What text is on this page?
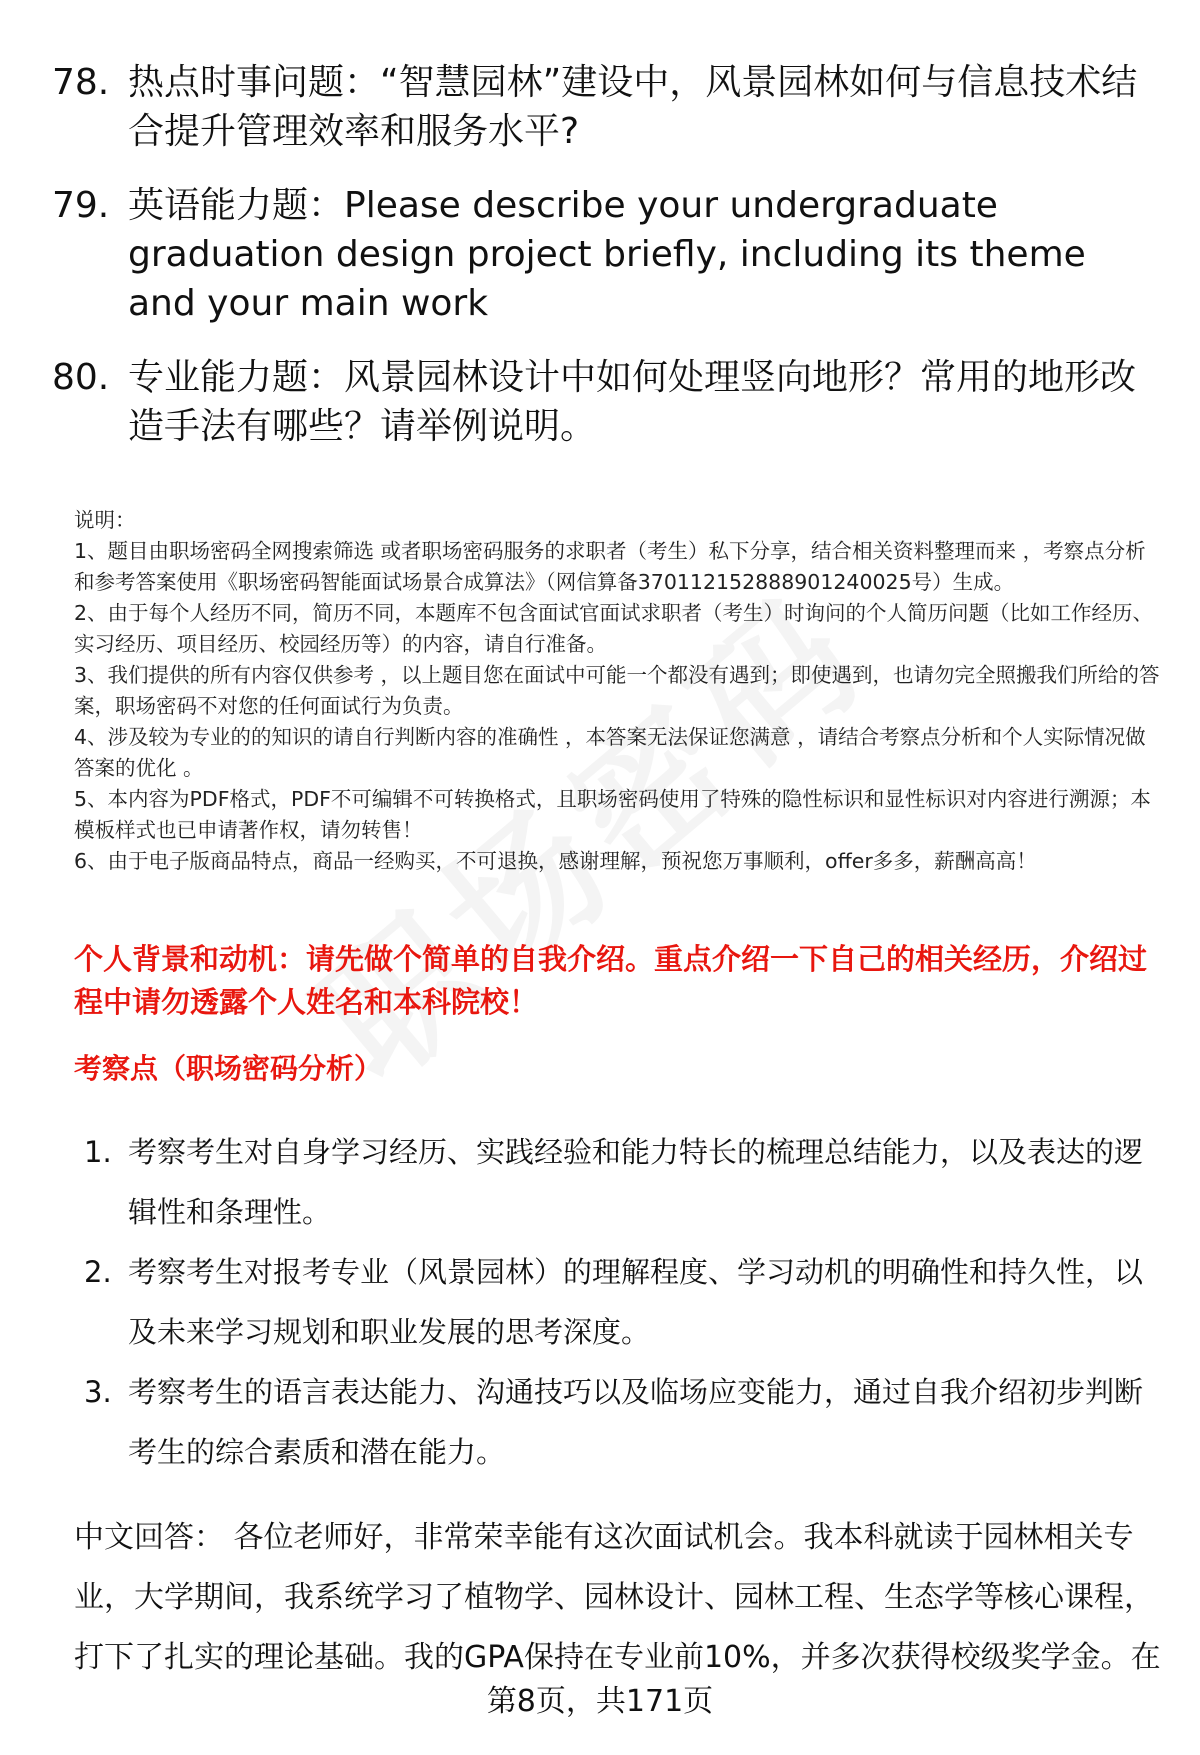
78. 热点时事问题：“智慧园林”建设中，风景园林如何与信息技术结合提升管理效率和服务水平?
79. 英语能力题：Please describe your undergraduate graduation design project briefly, including its theme and your main work
80. 专业能力题：风景园林设计中如何处理竖向地形？常用的地形改造手法有哪些？请举例说明。
说明：
1、题目由职场密码全网搜索筛选 或者职场密码服务的求职者（考生）私下分享，结合相关资料整理而来 ，考察点分析和参考答案使用《职场密码智能面试场景合成算法》（网信算备370112152888901240025号）生成。
2、由于每个人经历不同，简历不同，本题库不包含面试官面试求职者（考生）时询问的个人简历问题（比如工作经历、实习经历、项目经历、校园经历等）的内容，请自行准备。
3、我们提供的所有内容仅供参考 ，以上题目您在面试中可能一个都没有遇到；即使遇到，也请勿完全照搬我们所给的答案，职场密码不对您的任何面试行为负责。
4、涉及较为专业的的知识的请自行判断内容的准确性 ，本答案无法保证您满意 ，请结合考察点分析和个人实际情况做答案的优化 。
5、本内容为PDF格式，PDF不可编辑不可转换格式，且职场密码使用了特殊的隐性标识和显性标识对内容进行溯源；本模板样式也已申请著作权，请勿转售！
6、由于电子版商品特点，商品一经购买，不可退换，感谢理解，预祝您万事顺利，offer多多，薪酬高高！
个人背景和动机：请先做个简单的自我介绍。重点介绍一下自己的相关经历，介绍过程中请勿透露个人姓名和本科院校！
考察点（职场密码分析）
1. 考察考生对自身学习经历、实践经验和能力特长的梳理总结能力，以及表达的逻辑性和条理性。
2. 考察考生对报考专业（风景园林）的理解程度、学习动机的明确性和持久性，以及未来学习规划和职业发展的思考深度。
3. 考察考生的语言表达能力、沟通技巧以及临场应变能力，通过自我介绍初步判断考生的综合素质和潜在能力。
中文回答： 各位老师好，非常荣幸能有这次面试机会。我本科就读于园林相关专业，大学期间，我系统学习了植物学、园林设计、园林工程、生态学等核心课程，打下了扎实的理论基础。我的GPA保持在专业前10%，并多次获得校级奖学金。在
第8页，共171页
